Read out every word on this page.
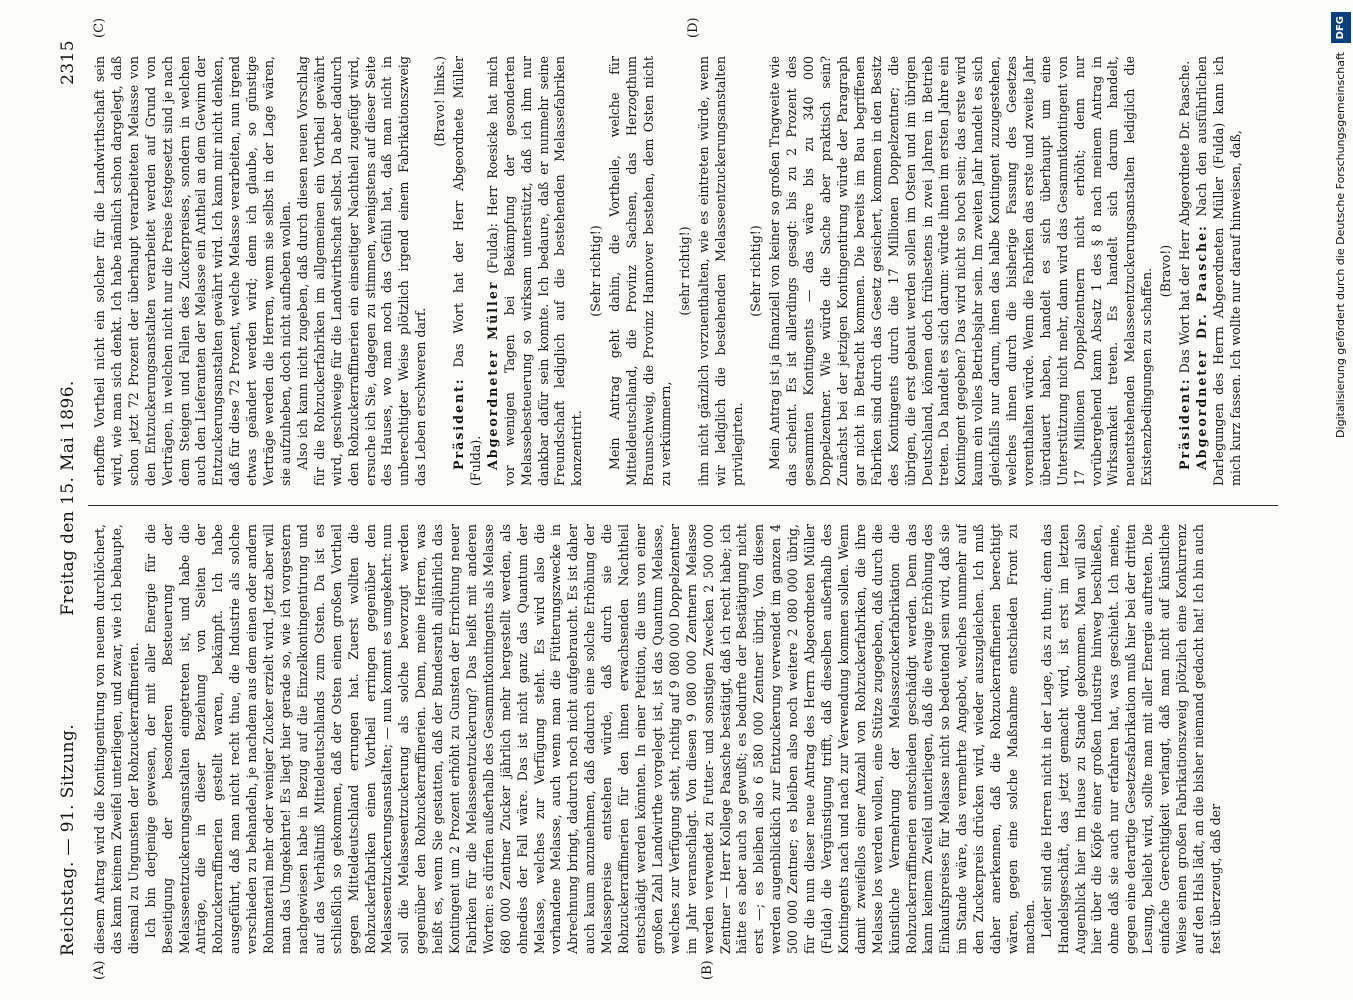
Reichstag. — 91. Sitzung.
Freitag den 15. Mai 1896.
2315
(A)	(B)
(C)	(D)

diesem Antrag wird die Kontingentirung von neuem durchlöchert, das kann keinem Zweifel unterliegen, und zwar, wie ich behaupte, diesmal zu Ungunsten der Rohzuckerraffinerien. Ich bin derjenige gewesen, der mit aller Energie für die Beseitigung der besonderen Besteuerung der Melasseentzuckerungsanstalten eingetreten ist, und habe die Anträge, die in dieser Beziehung von Seiten der Rohzuckerraffinerien gestellt waren, bekämpft. Ich habe ausgeführt, daß man nicht recht thue, die Industrie als solche verschieden zu behandeln, je nachdem aus dem einen oder andern Rohmaterial mehr oder weniger Zucker erzielt wird. Jetzt aber will man das Umgekehrte! Es liegt hier gerade so, wie ich vorgestern nachgewiesen habe in Bezug auf die Einzelkontingentirung und auf das Verhältniß Mitteldeutschlands zum Osten. Da ist es schließlich so gekommen, daß der Osten einen großen Vortheil gegen Mitteldeutschland errungen hat. Zuerst wollten die Rohzuckerfabriken einen Vortheil erringen gegenüber den Melasseentzuckerungsanstalten; — nun kommt es umgekehrt: nun soll die Melasseentzuckerung als solche bevorzugt werden gegenüber den Rohzuckerraffinerien. Denn, meine Herren, was heißt es, wenn Sie gestatten, daß der Bundesrath alljährlich das Kontingent um 2 Prozent erhöht zu Gunsten der Errichtung neuer Fabriken für die Melasseentzuckerung? Das heißt mit anderen Worten: es dürfen außerhalb des Gesammtkontingents als Melasse 680 000 Zentner Zucker jährlich mehr hergestellt werden, als ohnedies der Fall wäre. Das ist nicht ganz das Quantum der Melasse, welches zur Verfügung steht. Es wird also die vorhandene Melasse, auch wenn man die Fütterungszwecke in Abrechnung bringt, dadurch noch nicht aufgebraucht. Es ist daher auch kaum anzunehmen, daß dadurch eine solche Erhöhung der Melassepreise entstehen würde, daß durch sie die Rohzuckerraffinerien für den ihnen erwachsenden Nachtheil entschädigt werden könnten. In einer Petition, die uns von einer großen Zahl Landwirthe vorgelegt ist, ist das Quantum Melasse, welches zur Verfügung steht, richtig auf 9 080 000 Doppelzentner im Jahr veranschlagt. Von diesen 9 080 000 Zentnern Melasse werden verwendet zu Futter- und sonstigen Zwecken 2 500 000 Zentner — Herr Kollege Paasche bestätigt, daß ich recht habe; ich hätte es aber auch so gewußt; es bedurfte der Bestätigung nicht erst —; es bleiben also 6 580 000 Zentner übrig. Von diesen werden augenblicklich zur Entzuckerung verwendet im ganzen 4 500 000 Zentner; es bleiben also noch weitere 2 080 000 übrig, für die nun dieser neue Antrag des Herrn Abgeordneten Müller (Fulda) die Vergünstigung trifft, daß dieselben außerhalb des Kontingents nach und nach zur Verwendung kommen sollen. Wenn damit zweifellos einer Anzahl von Rohzuckerfabriken, die ihre Melasse los werden wollen, eine Stütze zugegeben, daß durch die künstliche Vermehrung der Melassezuckerfabrikation die Rohzuckerraffinerien entschieden geschädigt werden. Denn das kann keinem Zweifel unterliegen, daß die etwaige Erhöhung des Einkaufspreises für Melasse nicht so bedeutend sein wird, daß sie im Stande wäre, das vermehrte Angebot, welches nunmehr auf den Zuckerpreis drücken wird, wieder auszugleichen. Ich muß daher anerkennen, daß die Rohzuckerraffinerien berechtigt wären, gegen eine solche Maßnahme entschieden Front zu machen. Leider sind die Herren nicht in der Lage, das zu thun; denn das Handelsgeschäft, das jetzt gemacht wird, ist erst im letzten Augenblick hier im Hause zu Stande gekommen. Man will also hier über die Köpfe einer großen Industrie hinweg beschließen, ohne daß sie auch nur erfahren hat, was geschieht. Ich meine, gegen eine derartige Gesetzesfabrikation muß hier bei der dritten Lesung, beliebt wird, sollte man mit aller Energie auftreten. Die einfache Gerechtigkeit verlangt, daß man nicht auf künstliche Weise einen großen Fabrikationszweig plötzlich eine Konkurrenz auf den Hals lädt, an die bisher niemand gedacht hat! Ich bin auch fest überzeugt, daß der

erhoffte Vortheil nicht ein solcher für die Landwirthschaft sein wird, wie man sich denkt. Ich habe nämlich schon dargelegt, daß schon jetzt 72 Prozent der überhaupt verarbeiteten Melasse von den Entzuckerungsanstalten verarbeitet werden auf Grund von Verträgen, in welchen nicht nur die Preise festgesetzt sind je nach dem Steigen und Fallen des Zuckerpreises, sondern in welchen auch den Lieferanten der Melasse ein Antheil an dem Gewinn der Entzuckerungsanstalten gewährt wird. Ich kann mir nicht denken, daß für diese 72 Prozent, welche Melasse verarbeiten, nun irgend etwas geändert werden wird; denn ich glaube, so günstige Verträge werden die Herren, wenn sie selbst in der Lage wären, sie aufzuheben, doch nicht aufheben wollen. Also ich kann nicht zugeben, daß durch diesen neuen Vorschlag für die Rohzuckerfabriken im allgemeinen ein Vortheil gewährt wird, geschweige für die Landwirthschaft selbst. Da aber dadurch den Rohzuckerraffinerien ein einseitiger Nachtheil zugefügt wird, ersuche ich Sie, dagegen zu stimmen, wenigstens auf dieser Seite des Hauses, wo man noch das Gefühl hat, daß man nicht in unberechtigter Weise plötzlich irgend einem Fabrikationszweig das Leben erschweren darf.

(Bravo! links.)

Präsident: Das Wort hat der Herr Abgeordnete Müller (Fulda). Abgeordneter Müller (Fulda): Herr Roesicke hat mich vor wenigen Tagen bei Bekämpfung der gesonderten Melassebesteuerung so wirksam unterstützt, daß ich ihm nur dankbar dafür sein konnte. Ich bedaure, daß er nunmehr seine Freundschaft lediglich auf die bestehenden Melassefabriken konzentrirt.

(Sehr richtig!) Mein Antrag geht dahin, die Vortheile, welche für Mitteldeutschland, die Provinz Sachsen, das Herzogthum Braunschweig, die Provinz Hannover bestehen, dem Osten nicht zu verkümmern,

(sehr richtig!) ihm nicht gänzlich vorzuenthalten, wie es eintreten würde, wenn wir lediglich die bestehenden Melasseentzuckerungsanstalten privilegirten.

(Sehr richtig!) Mein Antrag ist ja finanziell von keiner so großen Tragweite wie das scheint. Es ist allerdings gesagt: bis zu 2 Prozent des gesammten Kontingents — das wäre bis zu 340 000 Doppelzentner. Wie würde die Sache aber praktisch sein? Zunächst bei der jetzigen Kontingentirung würde der Paragraph gar nicht in Betracht kommen. Die bereits im Bau begriffenen Fabriken sind durch das Gesetz gesichert, kommen in den Besitz des Kontingents durch die 17 Millionen Doppelzentner; die übrigen, die erst gebaut werden sollen im Osten und im übrigen Deutschland, können doch frühestens in zwei Jahren in Betrieb treten. Da handelt es sich darum: würde ihnen im ersten Jahre ein Kontingent gegeben? Das wird nicht so hoch sein; das erste wird kaum ein volles Betriebsjahr sein. Im zweiten Jahr handelt es sich gleichfalls nur darum, ihnen das halbe Kontingent zuzugestehen, welches ihnen durch die bisherige Fassung des Gesetzes vorenthalten würde. Wenn die Fabriken das erste und zweite Jahr überdauert haben, handelt es sich überhaupt um eine Unterstützung nicht mehr, dann wird das Gesammtkontingent von 17 Millionen Doppelzentnern nicht erhöht; denn nur vorübergehend kann Absatz 1 des § 8 nach meinem Antrag in Wirksamkeit treten. Es handelt sich darum handelt, neuentstehenden Melasseentzuckerungsanstalten lediglich die Existenzbedingungen zu schaffen. (Bravo!)

Präsident: Das Wort hat der Herr Abgeordnete Dr. Paasche. Abgeordneter Dr. Paasche: Nach den ausführlichen Darlegungen des Herrn Abgeordneten Müller (Fulda) kann ich mich kurz fassen. Ich wollte nur darauf hinweisen, daß,	Digitalisierung gefördert durch die Deutsche Forschungsgemeinschaft
DFG
